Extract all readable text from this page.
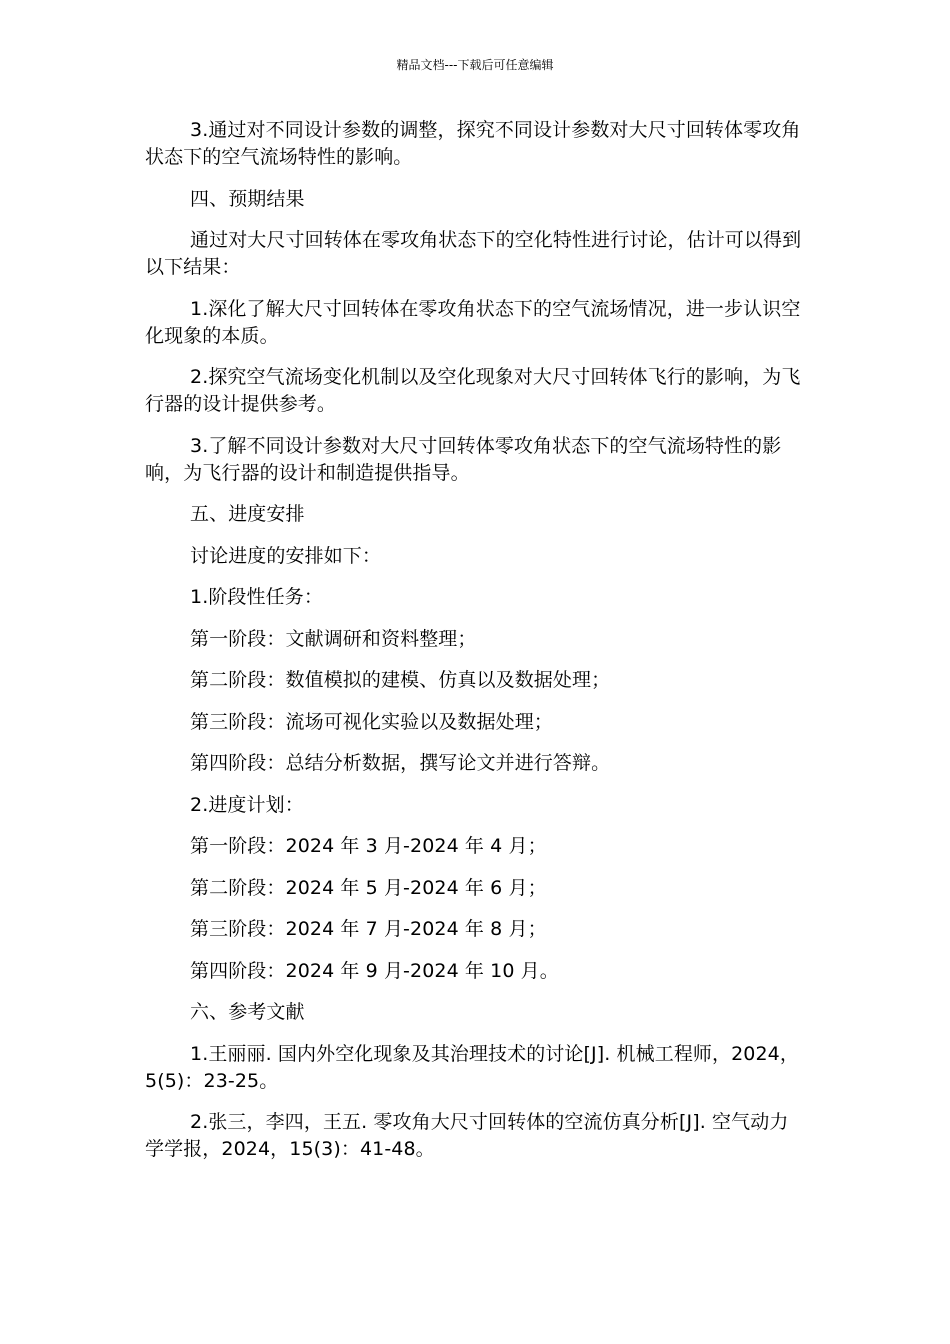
精品文档---下载后可任意编辑

3.通过对不同设计参数的调整，探究不同设计参数对大尺寸回转体零攻角状态下的空气流场特性的影响。

四、预期结果

通过对大尺寸回转体在零攻角状态下的空化特性进行讨论，估计可以得到以下结果：

1.深化了解大尺寸回转体在零攻角状态下的空气流场情况，进一步认识空化现象的本质。

2.探究空气流场变化机制以及空化现象对大尺寸回转体飞行的影响，为飞行器的设计提供参考。

3.了解不同设计参数对大尺寸回转体零攻角状态下的空气流场特性的影响，为飞行器的设计和制造提供指导。

五、进度安排

讨论进度的安排如下：

1.阶段性任务：

第一阶段：文献调研和资料整理；

第二阶段：数值模拟的建模、仿真以及数据处理；

第三阶段：流场可视化实验以及数据处理；

第四阶段：总结分析数据，撰写论文并进行答辩。

2.进度计划：

第一阶段：2024 年 3 月-2024 年 4 月；

第二阶段：2024 年 5 月-2024 年 6 月；

第三阶段：2024 年 7 月-2024 年 8 月；

第四阶段：2024 年 9 月-2024 年 10 月。

六、参考文献

1.王丽丽. 国内外空化现象及其治理技术的讨论[J]. 机械工程师，2024，5(5)：23-25。

2.张三，李四，王五. 零攻角大尺寸回转体的空流仿真分析[J]. 空气动力学学报，2024，15(3)：41-48。
